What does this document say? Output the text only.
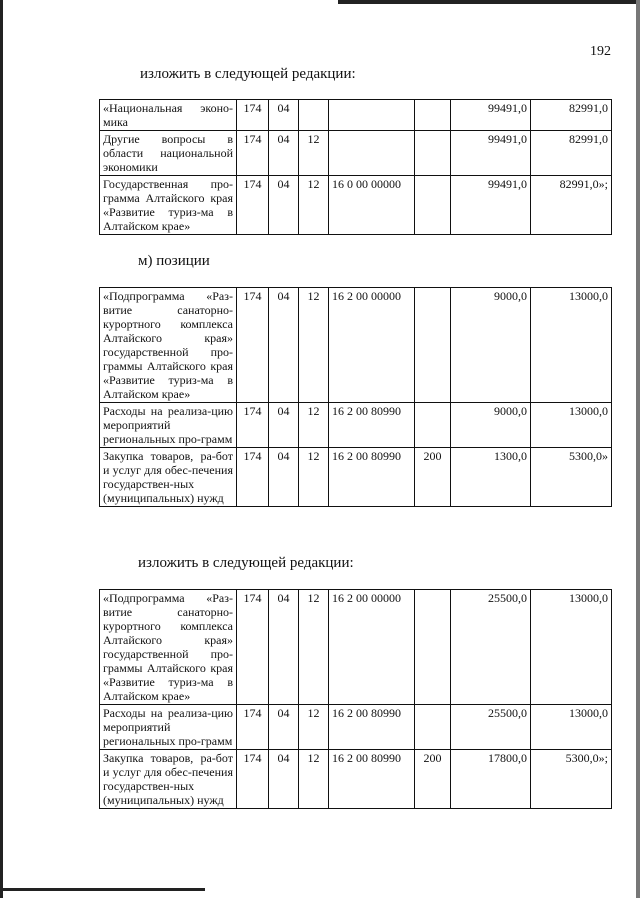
192
изложить в следующей редакции:
«Национальная эконо-мика	174	04				99491,0	82991,0
Другие вопросы в области национальной экономики	174	04	12			99491,0	82991,0
Государственная про-грамма Алтайского края «Развитие туриз-ма в Алтайском крае»	174	04	12	16 0 00 00000		99491,0	82991,0»;
м) позиции
«Подпрограмма «Раз-витие санаторно-курортного комплекса Алтайского края» государственной про-граммы Алтайского края «Развитие туриз-ма в Алтайском крае»	174	04	12	16 2 00 00000		9000,0	13000,0
Расходы на реализа-цию мероприятий региональных про-грамм	174	04	12	16 2 00 80990		9000,0	13000,0
Закупка товаров, ра-бот и услуг для обес-печения государствен-ных (муниципальных) нужд	174	04	12	16 2 00 80990	200	1300,0	5300,0»
изложить в следующей редакции:
«Подпрограмма «Раз-витие санаторно-курортного комплекса Алтайского края» государственной про-граммы Алтайского края «Развитие туриз-ма в Алтайском крае»	174	04	12	16 2 00 00000		25500,0	13000,0
Расходы на реализа-цию мероприятий региональных про-грамм	174	04	12	16 2 00 80990		25500,0	13000,0
Закупка товаров, ра-бот и услуг для обес-печения государствен-ных (муниципальных) нужд	174	04	12	16 2 00 80990	200	17800,0	5300,0»;
